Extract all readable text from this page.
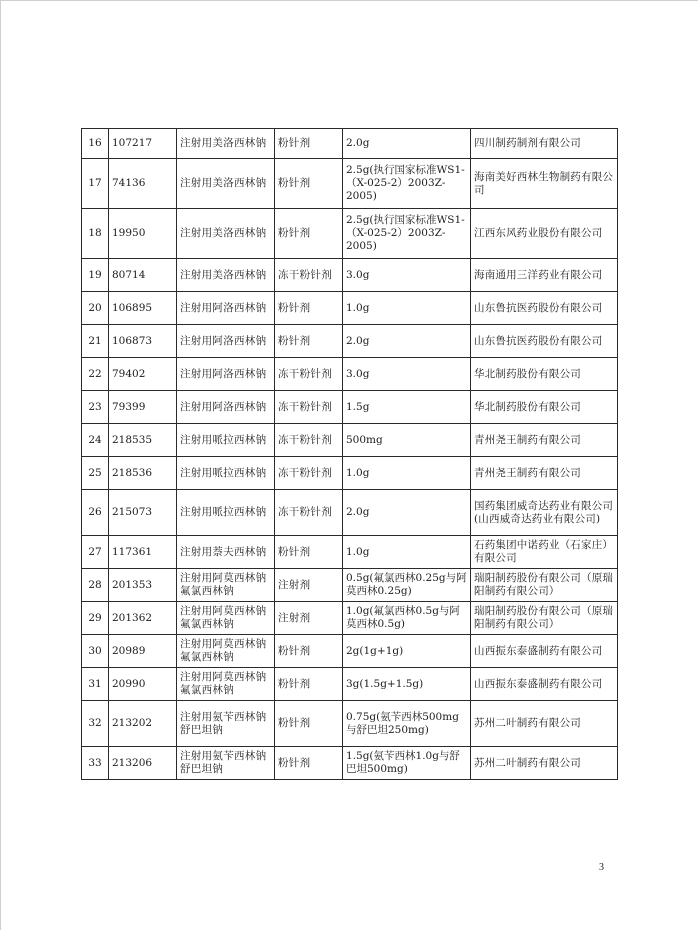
16	107217	注射用美洛西林钠	粉针剂	2.0g	四川制药制剂有限公司
17	74136	注射用美洛西林钠	粉针剂	2.5g(执行国家标准WS1-（X-025-2）2003Z-2005)	海南美好西林生物制药有限公司
18	19950	注射用美洛西林钠	粉针剂	2.5g(执行国家标准WS1-（X-025-2）2003Z-2005)	江西东风药业股份有限公司
19	80714	注射用美洛西林钠	冻干粉针剂	3.0g	海南通用三洋药业有限公司
20	106895	注射用阿洛西林钠	粉针剂	1.0g	山东鲁抗医药股份有限公司
21	106873	注射用阿洛西林钠	粉针剂	2.0g	山东鲁抗医药股份有限公司
22	79402	注射用阿洛西林钠	冻干粉针剂	3.0g	华北制药股份有限公司
23	79399	注射用阿洛西林钠	冻干粉针剂	1.5g	华北制药股份有限公司
24	218535	注射用哌拉西林钠	冻干粉针剂	500mg	青州尧王制药有限公司
25	218536	注射用哌拉西林钠	冻干粉针剂	1.0g	青州尧王制药有限公司
26	215073	注射用哌拉西林钠	冻干粉针剂	2.0g	国药集团威奇达药业有限公司(山西威奇达药业有限公司)
27	117361	注射用萘夫西林钠	粉针剂	1.0g	石药集团中诺药业（石家庄）有限公司
28	201353	注射用阿莫西林钠氟氯西林钠	注射剂	0.5g(氟氯西林0.25g与阿莫西林0.25g)	瑞阳制药股份有限公司（原瑞阳制药有限公司）
29	201362	注射用阿莫西林钠氟氯西林钠	注射剂	1.0g(氟氯西林0.5g与阿莫西林0.5g)	瑞阳制药股份有限公司（原瑞阳制药有限公司）
30	20989	注射用阿莫西林钠氟氯西林钠	粉针剂	2g(1g+1g)	山西振东泰盛制药有限公司
31	20990	注射用阿莫西林钠氟氯西林钠	粉针剂	3g(1.5g+1.5g)	山西振东泰盛制药有限公司
32	213202	注射用氨苄西林钠舒巴坦钠	粉针剂	0.75g(氨苄西林500mg与舒巴坦250mg)	苏州二叶制药有限公司
33	213206	注射用氨苄西林钠舒巴坦钠	粉针剂	1.5g(氨苄西林1.0g与舒巴坦500mg)	苏州二叶制药有限公司
3
